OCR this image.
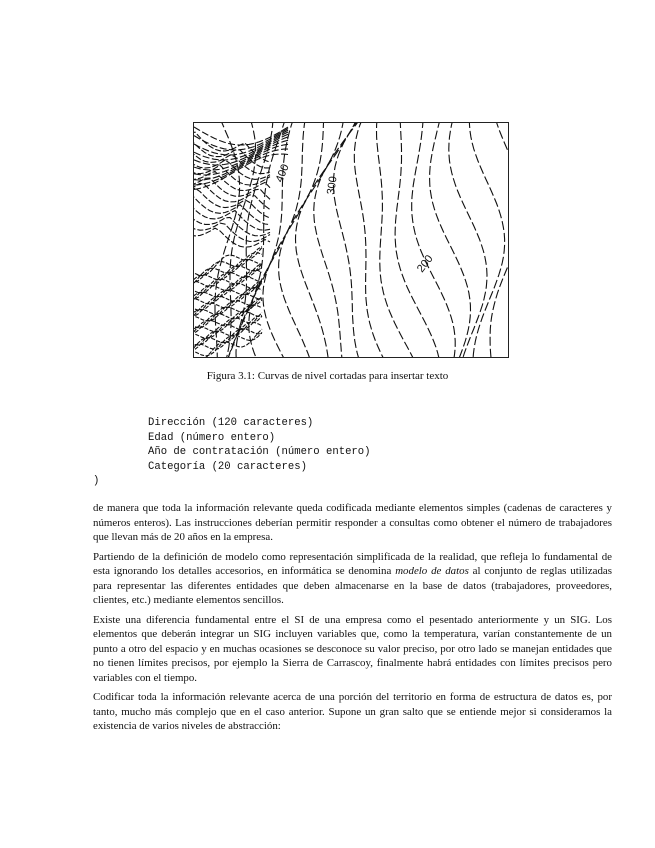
400
300
200
Figura 3.1: Curvas de nivel cortadas para insertar texto
Dirección (120 caracteres)
Edad (número entero)
Año de contratación (número entero)
Categoría (20 caracteres)
)

de manera que toda la información relevante queda codificada mediante elementos simples (cadenas de caracteres y números enteros). Las instrucciones deberían permitir responder a consultas como obtener el número de trabajadores que llevan más de 20 años en la empresa.

Partiendo de la definición de modelo como representación simplificada de la realidad, que refleja lo fundamental de esta ignorando los detalles accesorios, en informática se denomina modelo de datos al conjunto de reglas utilizadas para representar las diferentes entidades que deben almacenarse en la base de datos (trabajadores, proveedores, clientes, etc.) mediante elementos sencillos.

Existe una diferencia fundamental entre el SI de una empresa como el pesentado anteriormente y un SIG. Los elementos que deberán integrar un SIG incluyen variables que, como la temperatura, varían constantemente de un punto a otro del espacio y en muchas ocasiones se desconoce su valor preciso, por otro lado se manejan entidades que no tienen límites precisos, por ejemplo la Sierra de Carrascoy, finalmente habrá entidades con límites precisos pero variables con el tiempo.

Codificar toda la información relevante acerca de una porción del territorio en forma de estructura de datos es, por tanto, mucho más complejo que en el caso anterior. Supone un gran salto que se entiende mejor si consideramos la existencia de varios niveles de abstracción:
